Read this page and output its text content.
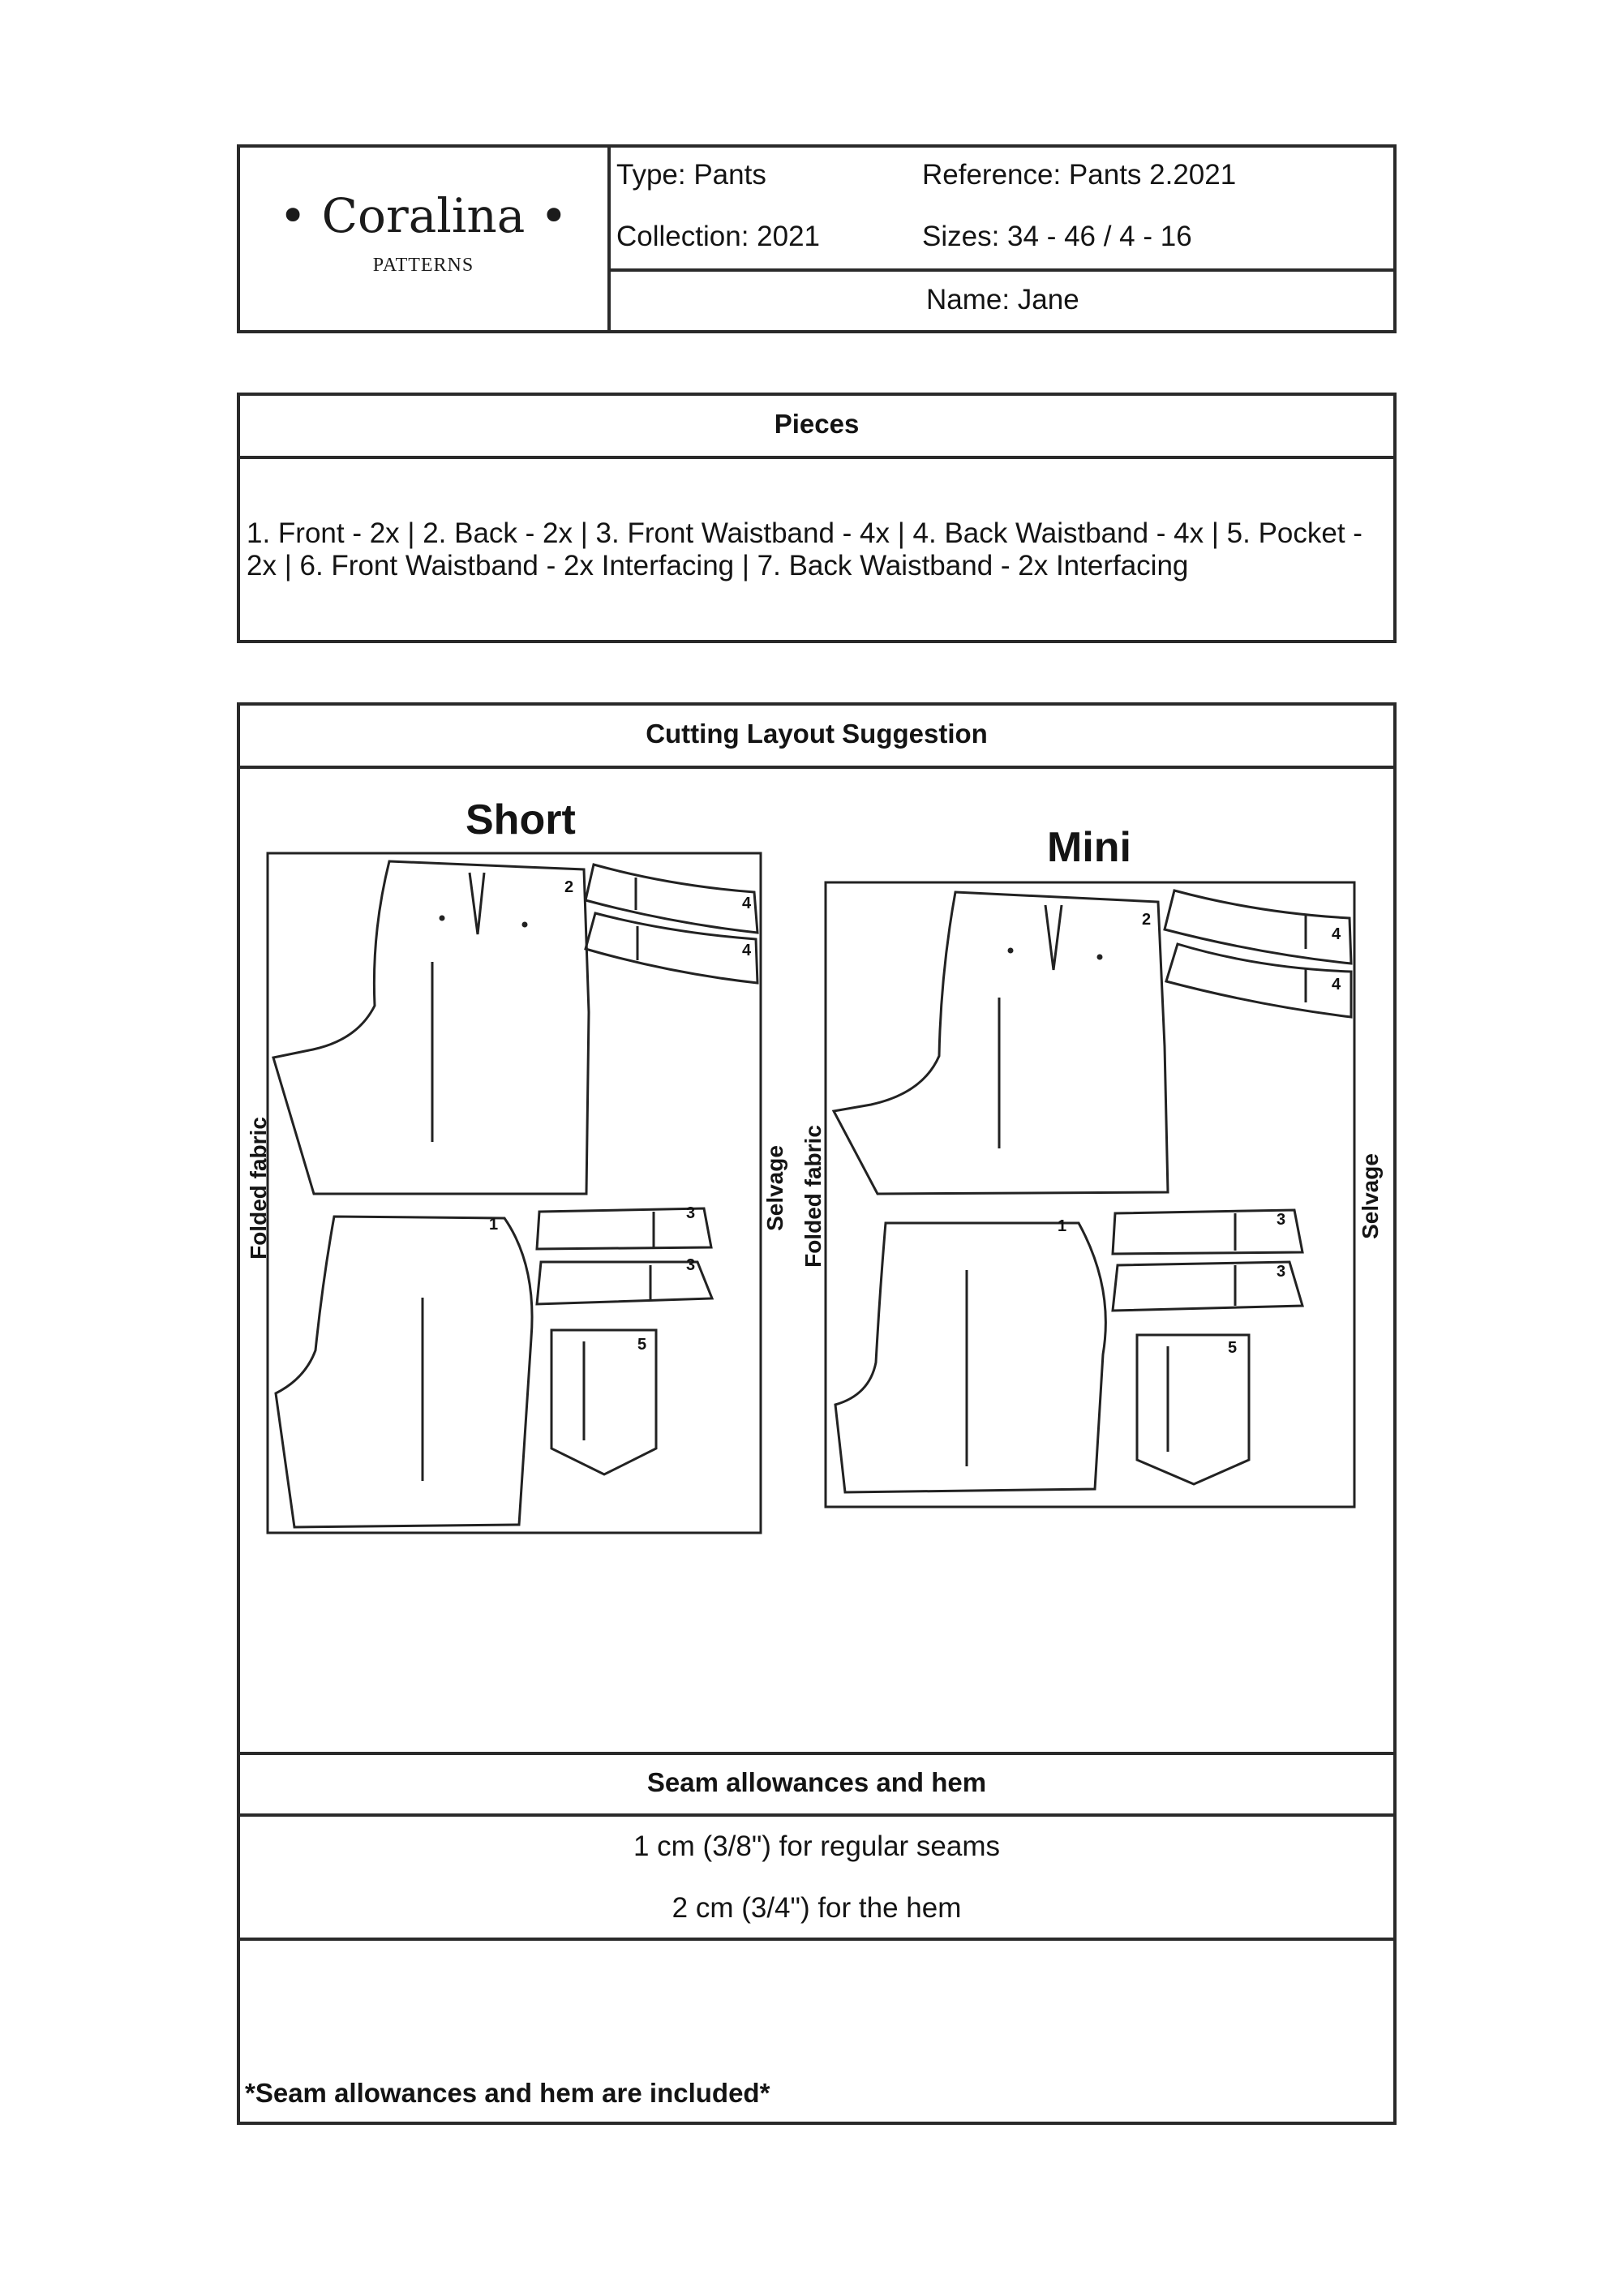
• Coralina •
PATTERNS
Type: Pants	Reference: Pants 2.2021
Collection: 2021	Sizes: 34 - 46 / 4 - 16
Name: Jane
Pieces
1. Front - 2x | 2. Back - 2x | 3. Front Waistband - 4x | 4. Back Waistband - 4x | 5. Pocket - 2x | 6. Front Waistband - 2x Interfacing | 7. Back Waistband - 2x Interfacing
Cutting Layout Suggestion
Seam allowances and hem
1 cm (3/8") for regular seams
2 cm (3/4") for the hem
*Seam allowances and hem are included*
Short
Mini
Folded fabric	Selvage Folded fabric	Selvage
2
4
4
1
3
3
5
2
4
4
1	3
3
5
